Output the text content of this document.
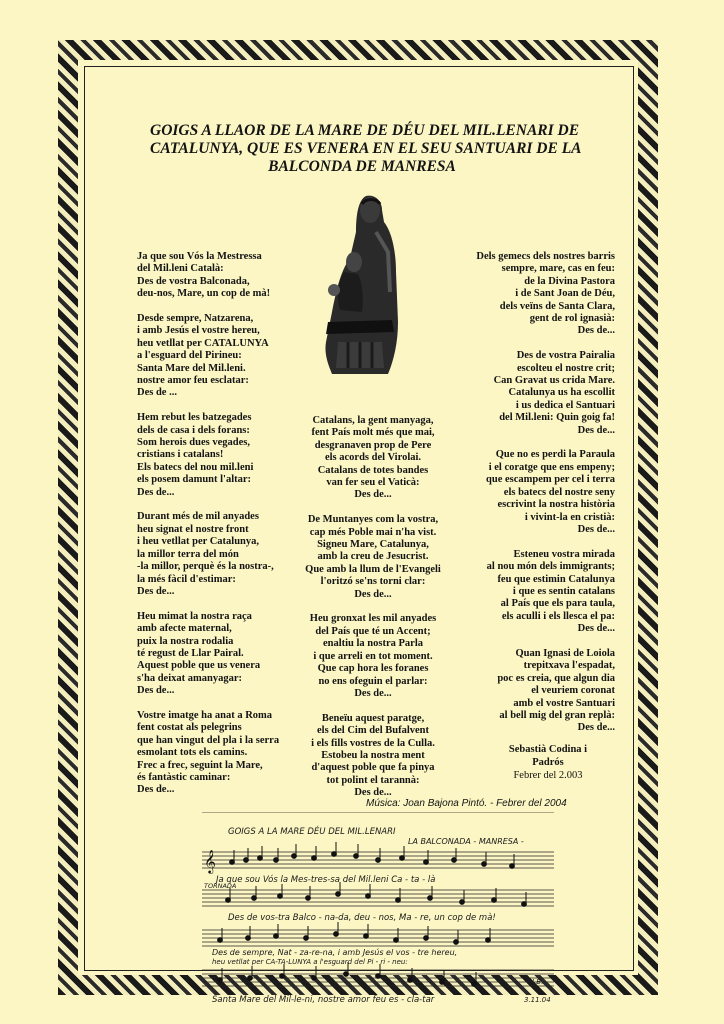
GOIGS A LLAOR DE LA MARE DE DÉU DEL MIL.LENARI DE
CATALUNYA, QUE ES VENERA EN EL SEU SANTUARI DE LA
BALCONDA DE MANRESA
Ja que sou Vós la Mestressa
del Mil.leni Català:
Des de vostra Balconada,
deu-nos, Mare, un cop de mà!
Desde sempre, Natzarena,
i amb Jesús el vostre hereu,
heu vetllat per CATALUNYA
a l'esguard del Pirineu:
Santa Mare del Mil.leni.
nostre amor feu esclatar:
Des de ...
Hem rebut les batzegades
dels de casa i dels forans:
Som herois dues vegades,
cristians i catalans!
Els batecs del nou mil.leni
els posem damunt l'altar:
Des de...
Durant més de mil anyades
heu signat el nostre front
i heu vetllat per Catalunya,
la millor terra del món
-la millor, perquè és la nostra-,
la més fàcil d'estimar:
Des de...
Heu mimat la nostra raça
amb afecte maternal,
puix la nostra rodalia
té regust de Llar Pairal.
Aquest poble que us venera
s'ha deixat amanyagar:
Des de...
Vostre imatge ha anat a Roma
fent costat als pelegrins
que han vingut del pla i la serra
esmolant tots els camins.
Frec a frec, seguint la Mare,
és fantàstic caminar:
Des de...
Catalans, la gent manyaga,
fent País molt més que mai,
desgranaven prop de Pere
els acords del Virolai.
Catalans de totes bandes
van fer seu el Vaticà:
Des de...
De Muntanyes com la vostra,
cap més Poble mai n'ha vist.
Signeu Mare, Catalunya,
amb la creu de Jesucrist.
Que amb la llum de l'Evangeli
l'oritzó se'ns torni clar:
Des de...
Heu gronxat les mil anyades
del País que té un Accent;
enaltiu la nostra Parla
i que arreli en tot moment.
Que cap hora les foranes
no ens ofeguin el parlar:
Des de...
Beneïu aquest paratge,
els del Cim del Bufalvent
i els fills vostres de la Culla.
Estobeu la nostra ment
d'aquest poble que fa pinya
tot polint el tarannà:
Des de...
Dels gemecs dels nostres barris
sempre, mare, cas en feu:
de la Divina Pastora
i de Sant Joan de Déu,
dels veïns de Santa Clara,
gent de rol ignasià:
Des de...
Des de vostra Pairalia
escolteu el nostre crit;
Can Gravat us crida Mare.
Catalunya us ha escollit
i us dedica el Santuari
del Mil.leni: Quin goig fa!
Des de...
Que no es perdi la Paraula
i el coratge que ens empeny;
que escampem per cel i terra
els batecs del nostre seny
escrivint la nostra història
i vivint-la en cristià:
Des de...
Esteneu vostra mirada
al nou món dels immigrants;
feu que estimin Catalunya
i que es sentin catalans
al País que els para taula,
els aculli i els llesca el pa:
Des de...
Quan Ignasi de Loiola
trepitxava l'espadat,
poc es creia, que algun dia
el veuriem coronat
amb el vostre Santuari
al bell mig del gran replà:
Des de...
Sebastià Codina i Padrós
Febrer del 2.003
Música: Joan Bajona Pintó. - Febrer del 2004
𝄞
GOIGS A LA MARE DÉU DEL MIL.LENARI
LA BALCONADA - MANRESA -
Ja que sou Vós la Mes-tres-sa del Mil.leni Ca - ta - là
TORNADA
Des de vos-tra Balco - na-da, deu - nos, Ma - re, un cop de mà!
Des de sempre, Nat - za-re-na, i amb Jesús el vos - tre hereu,
heu vetllat per CA-TA-LUNYA a l'esguard del Pi - ri - neu:
Santa Mare del Mil-le-ni, nostre amor feu es - cla-tar
J.B.
3.11.04
